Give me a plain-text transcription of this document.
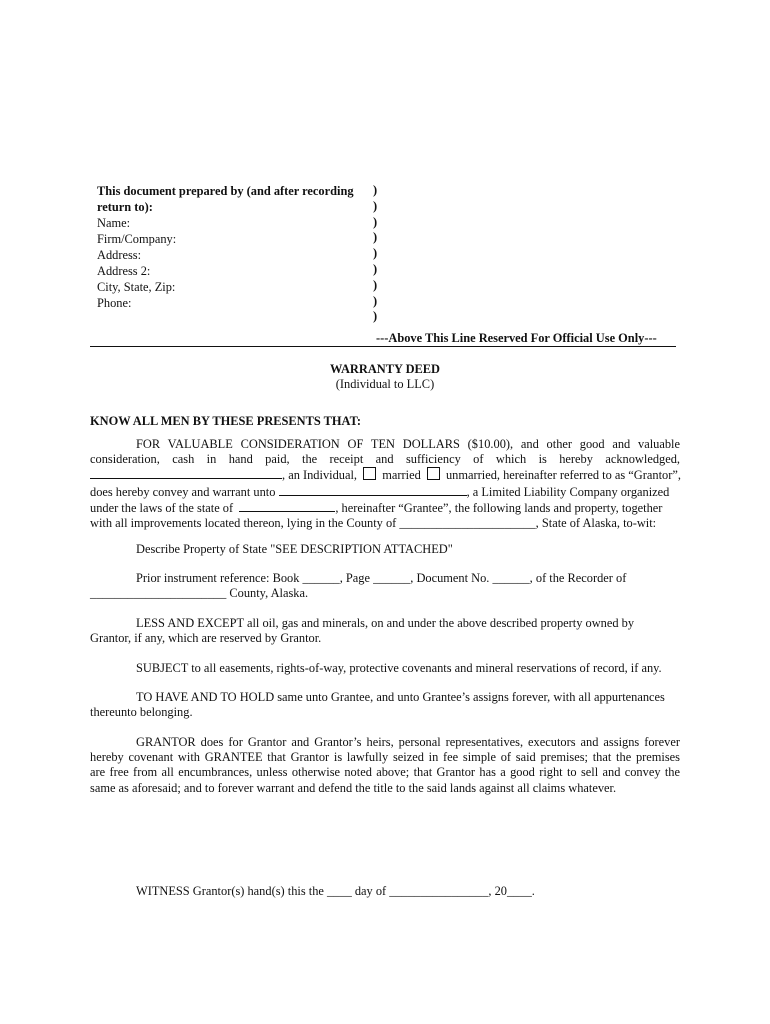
This document prepared by (and after recording
return to):
Name:
Firm/Company:
Address:
Address 2:
City, State, Zip:
Phone:
)
)
)
)
)
)
)
)
)
---Above This Line Reserved For Official Use Only---
WARRANTY DEED
(Individual to LLC)
KNOW ALL MEN BY THESE PRESENTS THAT:
FOR VALUABLE CONSIDERATION OF TEN DOLLARS ($10.00), and other good and valuable
consideration, cash in hand paid, the receipt and sufficiency of which is hereby acknowledged,
, an Individual, married unmarried, hereinafter referred to as “Grantor”,
does hereby convey and warrant unto	, a Limited Liability Company organized
under the laws of the state of	, hereinafter “Grantee”, the following lands and property, together
with all improvements located thereon, lying in the County of ______________________, State of Alaska, to-wit:
Describe Property of State "SEE DESCRIPTION ATTACHED"
Prior instrument reference: Book ______, Page ______, Document No. ______, of the Recorder of
______________________ County, Alaska.
LESS AND EXCEPT all oil, gas and minerals, on and under the above described property owned by
Grantor, if any, which are reserved by Grantor.
SUBJECT to all easements, rights-of-way, protective covenants and mineral reservations of record, if any.
TO HAVE AND TO HOLD same unto Grantee, and unto Grantee’s assigns forever, with all appurtenances
thereunto belonging.
GRANTOR does for Grantor and Grantor’s heirs, personal representatives, executors and assigns forever
hereby covenant with GRANTEE that Grantor is lawfully seized in fee simple of said premises; that the premises
are free from all encumbrances, unless otherwise noted above; that Grantor has a good right to sell and convey the
same as aforesaid; and to forever warrant and defend the title to the said lands against all claims whatever.
WITNESS Grantor(s) hand(s) this the ____ day of ________________, 20____.
